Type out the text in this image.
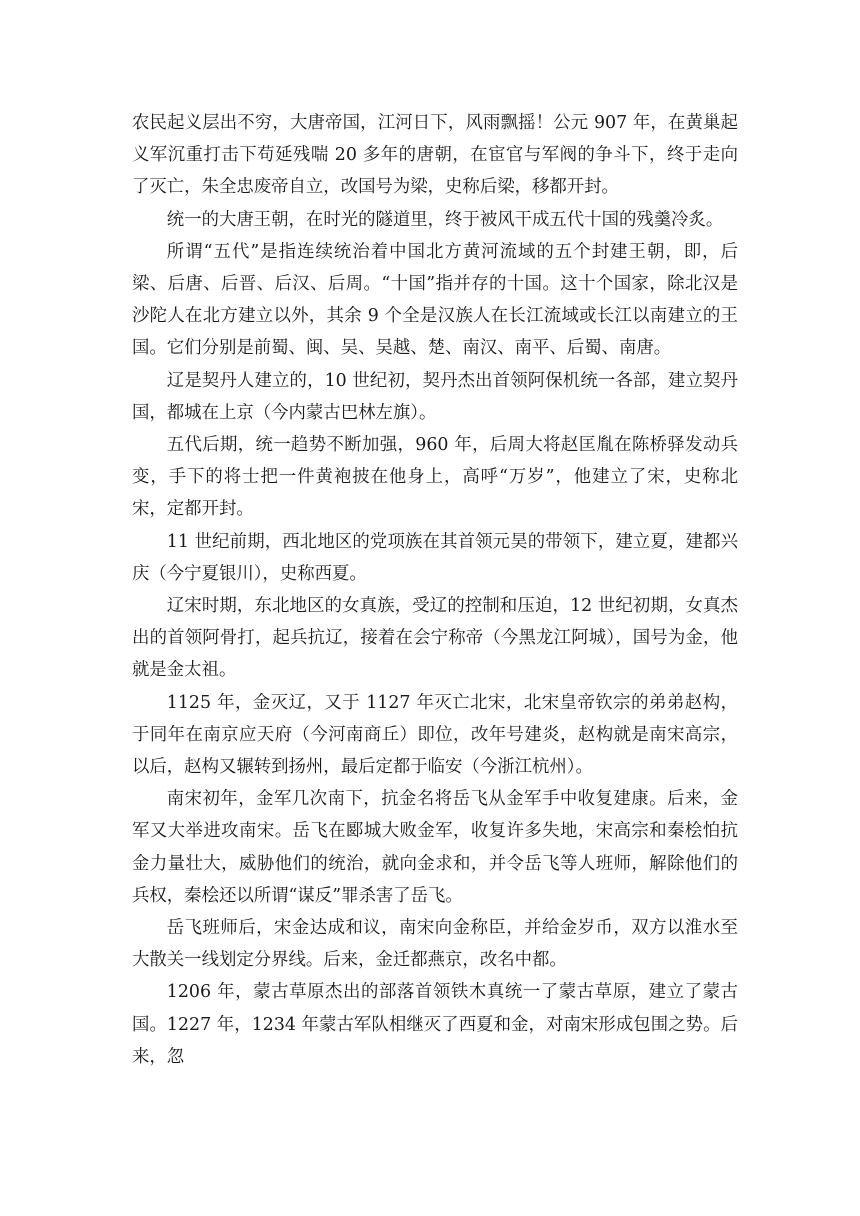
农民起义层出不穷，大唐帝国，江河日下，风雨飘摇！公元 907 年，在黄巢起义军沉重打击下苟延残喘 20 多年的唐朝，在宦官与军阀的争斗下，终于走向了灭亡，朱全忠废帝自立，改国号为梁，史称后梁，移都开封。

统一的大唐王朝，在时光的隧道里，终于被风干成五代十国的残羹冷炙。

所谓“五代”是指连续统治着中国北方黄河流域的五个封建王朝，即，后梁、后唐、后晋、后汉、后周。“十国”指并存的十国。这十个国家，除北汉是沙陀人在北方建立以外，其余 9 个全是汉族人在长江流域或长江以南建立的王国。它们分别是前蜀、闽、吴、吴越、楚、南汉、南平、后蜀、南唐。

辽是契丹人建立的，10 世纪初，契丹杰出首领阿保机统一各部，建立契丹国，都城在上京（今内蒙古巴林左旗）。

五代后期，统一趋势不断加强，960 年，后周大将赵匡胤在陈桥驿发动兵变，手下的将士把一件黄袍披在他身上，高呼“万岁”，他建立了宋，史称北宋，定都开封。

11 世纪前期，西北地区的党项族在其首领元昊的带领下，建立夏，建都兴庆（今宁夏银川），史称西夏。

辽宋时期，东北地区的女真族，受辽的控制和压迫，12 世纪初期，女真杰出的首领阿骨打，起兵抗辽，接着在会宁称帝（今黑龙江阿城），国号为金，他就是金太祖。

1125 年，金灭辽，又于 1127 年灭亡北宋，北宋皇帝钦宗的弟弟赵构，于同年在南京应天府（今河南商丘）即位，改年号建炎，赵构就是南宋高宗，以后，赵构又辗转到扬州，最后定都于临安（今浙江杭州）。

南宋初年，金军几次南下，抗金名将岳飞从金军手中收复建康。后来，金军又大举进攻南宋。岳飞在郾城大败金军，收复许多失地，宋高宗和秦桧怕抗金力量壮大，威胁他们的统治，就向金求和，并令岳飞等人班师，解除他们的兵权，秦桧还以所谓“谋反”罪杀害了岳飞。

岳飞班师后，宋金达成和议，南宋向金称臣，并给金岁币，双方以淮水至大散关一线划定分界线。后来，金迁都燕京，改名中都。

1206 年，蒙古草原杰出的部落首领铁木真统一了蒙古草原，建立了蒙古国。1227 年，1234 年蒙古军队相继灭了西夏和金，对南宋形成包围之势。后来，忽
